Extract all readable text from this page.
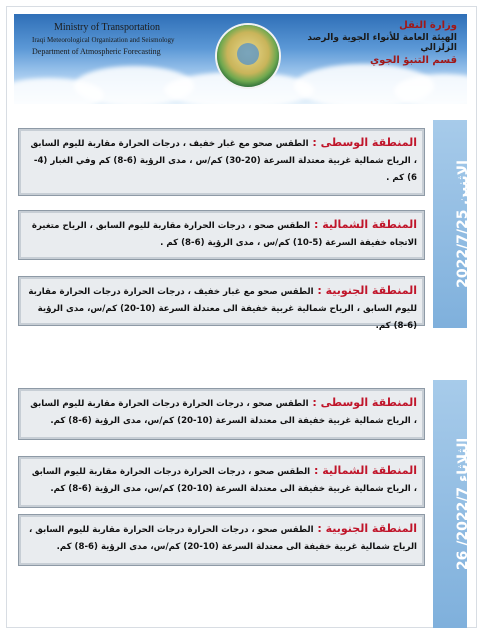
Ministry of Transportation
Iraqi Meteorological Organization and Seismology
Department of Atmospheric Forecasting
وزارة النقل
الهيئة العامة للأنواء الجوية والرصد الزلزالي
قسم التنبؤ الجوي
الاثنين 2022/7/25
المنطقة الوسطى : الطقس صحو مع غبار خفيف ، درجات الحرارة مقاربة لليوم السابق ، الرياح شمالية غربية معتدلة السرعة (20-30) كم/س ، مدى الرؤية (6-8) كم وفي الغبار (4-6) كم .
المنطقة الشمالية : الطقس صحو ، درجات الحرارة مقاربة لليوم السابق ، الرياح متغيرة الاتجاه خفيفة السرعة (5-10) كم/س ، مدى الرؤية (6-8) كم .
المنطقة الجنوبية : الطقس صحو مع غبار خفيف ، درجات الحرارة درجات الحرارة مقاربة لليوم السابق ، الرياح شمالية غربية خفيفة الى معتدلة السرعة (10-20) كم/س، مدى الرؤية (6-8) كم.
الثلاثاء 2022/7/ 26
المنطقة الوسطى : الطقس صحو ، درجات الحرارة درجات الحرارة مقاربة لليوم السابق ، الرياح شمالية غربية خفيفة الى معتدلة السرعة (10-20) كم/س، مدى الرؤية (6-8) كم.
المنطقة الشمالية : الطقس صحو ، درجات الحرارة درجات الحرارة مقاربة لليوم السابق ، الرياح شمالية غربية خفيفة الى معتدلة السرعة (10-20) كم/س، مدى الرؤية (6-8) كم.
المنطقة الجنوبية : الطقس صحو ، درجات الحرارة درجات الحرارة مقاربة لليوم السابق ، الرياح شمالية غربية خفيفة الى معتدلة السرعة (10-20) كم/س، مدى الرؤية (6-8) كم.
